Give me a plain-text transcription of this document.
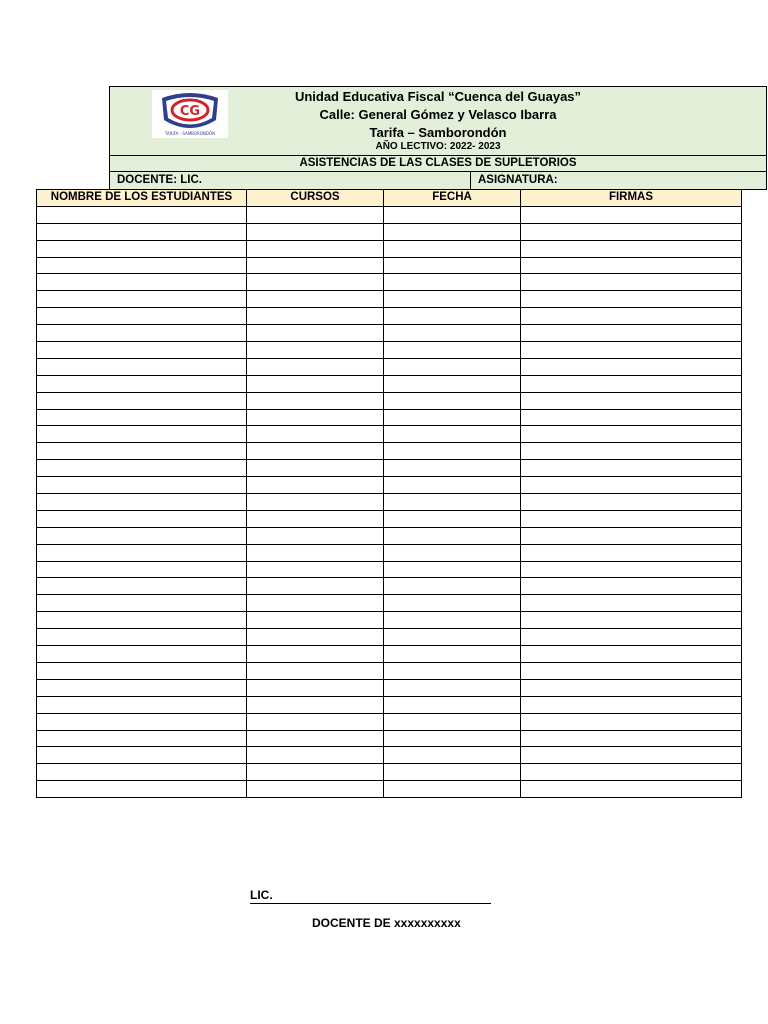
CG
TARIFA - SAMBORONDÓN
Unidad Educativa Fiscal “Cuenca del Guayas”
Calle: General Gómez y Velasco Ibarra
Tarifa – Samborondón
AÑO LECTIVO: 2022- 2023
ASISTENCIAS DE LAS CLASES DE SUPLETORIOS
DOCENTE: LIC.	ASIGNATURA:
NOMBRE DE LOS ESTUDIANTES	CURSOS	FECHA	FIRMAS

LIC.
DOCENTE DE xxxxxxxxxx
